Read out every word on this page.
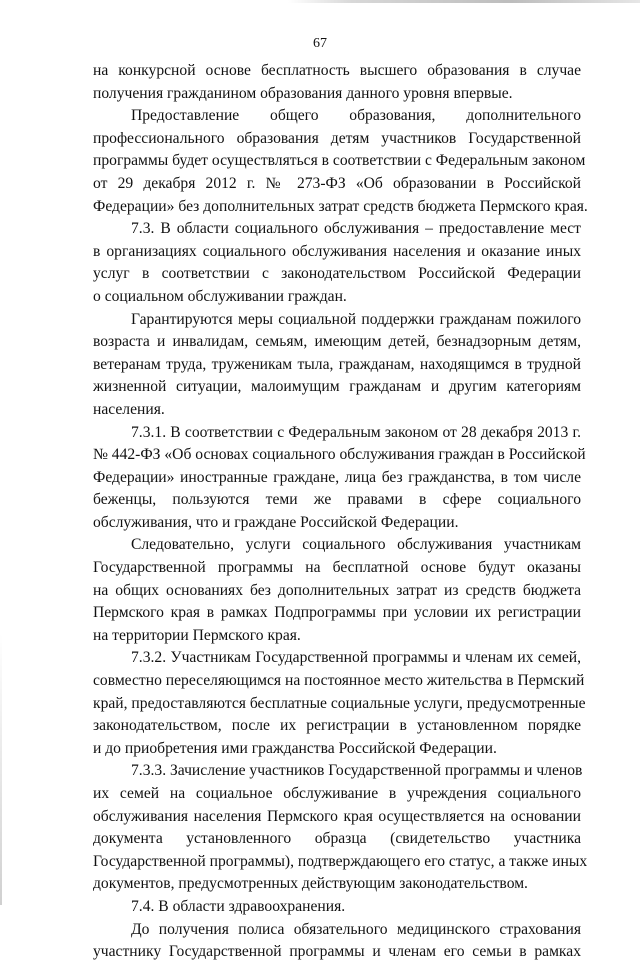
67
на конкурсной основе бесплатность высшего образования в случае
получения гражданином образования данного уровня впервые.
Предоставление общего образования, дополнительного
профессионального образования детям участников Государственной
программы будет осуществляться в соответствии с Федеральным законом
от 29 декабря 2012 г. № 273-ФЗ «Об образовании в Российской
Федерации» без дополнительных затрат средств бюджета Пермского края.
7.3. В области социального обслуживания – предоставление мест
в организациях социального обслуживания населения и оказание иных
услуг в соответствии с законодательством Российской Федерации
о социальном обслуживании граждан.
Гарантируются меры социальной поддержки гражданам пожилого
возраста и инвалидам, семьям, имеющим детей, безнадзорным детям,
ветеранам труда, труженикам тыла, гражданам, находящимся в трудной
жизненной ситуации, малоимущим гражданам и другим категориям
населения.
7.3.1. В соответствии с Федеральным законом от 28 декабря 2013 г.
№ 442-ФЗ «Об основах социального обслуживания граждан в Российской
Федерации» иностранные граждане, лица без гражданства, в том числе
беженцы, пользуются теми же правами в сфере социального
обслуживания, что и граждане Российской Федерации.
Следовательно, услуги социального обслуживания участникам
Государственной программы на бесплатной основе будут оказаны
на общих основаниях без дополнительных затрат из средств бюджета
Пермского края в рамках Подпрограммы при условии их регистрации
на территории Пермского края.
7.3.2. Участникам Государственной программы и членам их семей,
совместно переселяющимся на постоянное место жительства в Пермский
край, предоставляются бесплатные социальные услуги, предусмотренные
законодательством, после их регистрации в установленном порядке
и до приобретения ими гражданства Российской Федерации.
7.3.3. Зачисление участников Государственной программы и членов
их семей на социальное обслуживание в учреждения социального
обслуживания населения Пермского края осуществляется на основании
документа установленного образца (свидетельство участника
Государственной программы), подтверждающего его статус, а также иных
документов, предусмотренных действующим законодательством.
7.4. В области здравоохранения.
До получения полиса обязательного медицинского страхования
участнику Государственной программы и членам его семьи в рамках
